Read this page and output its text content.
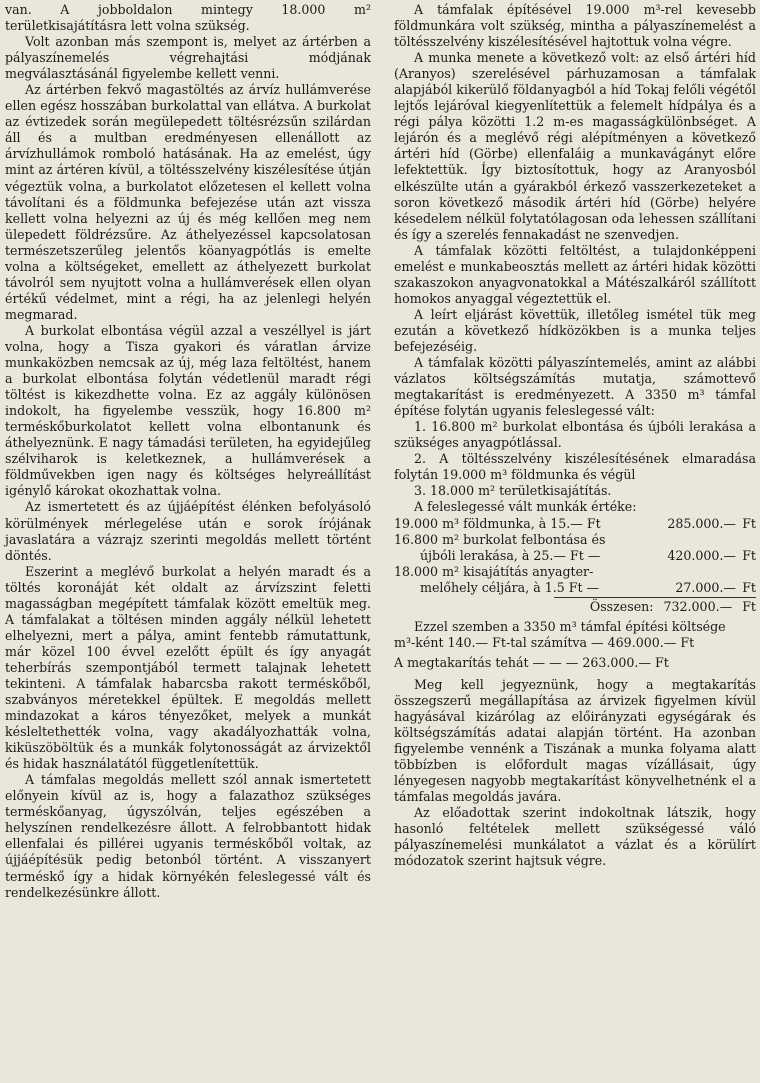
van. A jobboldalon mintegy 18.000 m² területkisajátításra lett volna szükség.

Volt azonban más szempont is, melyet az ártérben a pályaszínemelés végrehajtási módjának megválasztásánál figyelembe kellett venni.

Az ártérben fekvő magastöltés az árvíz hullámverése ellen egész hosszában burkolattal van ellátva. A burkolat az évtizedek során megülepedett töltésrézsűn szilárdan áll és a multban eredményesen ellenállott az árvízhullámok romboló hatásának. Ha az emelést, úgy mint az ártéren kívül, a töltésszelvény kiszélesítése útján végeztük volna, a burkolatot előzetesen el kellett volna távolítani és a földmunka befejezése után azt vissza kellett volna helyezni az új és még kellően meg nem ülepedett földrézsűre. Az áthelyezéssel kapcsolatosan természetszerűleg jelentős köanyagpótlás is emelte volna a költségeket, emellett az áthelyezett burkolat távolról sem nyujtott volna a hullámverések ellen olyan értékű védelmet, mint a régi, ha az jelenlegi helyén megmarad.

A burkolat elbontása végül azzal a veszéllyel is járt volna, hogy a Tisza gyakori és váratlan árvize munkaközben nemcsak az új, még laza feltöltést, hanem a burkolat elbontása folytán védetlenül maradt régi töltést is kikezdhette volna. Ez az aggály különösen indokolt, ha figyelembe vesszük, hogy 16.800 m² terméskőburkolatot kellett volna elbontanunk és áthelyeznünk. E nagy támadási területen, ha egyidejűleg szélviharok is keletkeznek, a hullámverések a földművekben igen nagy és költséges helyreállítást igénylő károkat okozhattak volna.

Az ismertetett és az újjáépítést élénken befolyásoló körülmények mérlegelése után e sorok írójának javaslatára a vázrajz szerinti megoldás mellett történt döntés.

Eszerint a meglévő burkolat a helyén maradt és a töltés koronáját két oldalt az árvízszint feletti magasságban megépített támfalak között emeltük meg. A támfalakat a töltésen minden aggály nélkül lehetett elhelyezni, mert a pálya, amint fentebb rámutattunk, már közel 100 évvel ezelőtt épült és így anyagát teherbírás szempontjából termett talajnak lehetett tekinteni. A támfalak habarcsba rakott terméskőből, szabványos méretekkel épültek. E megoldás mellett mindazokat a káros tényezőket, melyek a munkát késleltethették volna, vagy akadályozhatták volna, kiküszöböltük és a munkák folytonosságát az árvizektől és hidak használatától függetlenítettük.

A támfalas megoldás mellett szól annak ismertetett előnyein kívül az is, hogy a falazathoz szükséges terméskőanyag, úgyszólván, teljes egészében a helyszínen rendelkezésre állott. A felrobbantott hidak ellenfalai és pillérei ugyanis terméskőből voltak, az újjáépítésük pedig betonból történt. A visszanyert terméskő így a hidak környékén feleslegessé vált és rendelkezésünkre állott.

A támfalak építésével 19.000 m³-rel kevesebb földmunkára volt szükség, mintha a pályaszínemelést a töltésszelvény kiszélesítésével hajtottuk volna végre.

A munka menete a következő volt: az első ártéri híd (Aranyos) szerelésével párhuzamosan a támfalak alapjából kikerülő földanyagból a híd Tokaj felőli végétől lejtős lejáróval kiegyenlítettük a felemelt hídpálya és a régi pálya közötti 1.2 m-es magasságkülönbséget. A lejárón és a meglévő régi alépítményen a következő ártéri híd (Görbe) ellenfaláig a munkavágányt előre lefektettük. Így biztosítottuk, hogy az Aranyosból elkészülte után a gyárakból érkező vasszerkezeteket a soron következő második ártéri híd (Görbe) helyére késedelem nélkül folytatólagosan oda lehessen szállítani és így a szerelés fennakadást ne szenvedjen.

A támfalak közötti feltöltést, a tulajdonképpeni emelést e munkabeosztás mellett az ártéri hidak közötti szakaszokon anyagvonatokkal a Mátészalkáról szállított homokos anyaggal végeztettük el.

A leírt eljárást követtük, illetőleg ismétel tük meg ezután a következő hídközökben is a munka teljes befejezéséig.

A támfalak közötti pályaszíntemelés, amint az alábbi vázlatos költségszámítás mutatja, számottevő megtakarítást is eredményezett. A 3350 m³ támfal építése folytán ugyanis feleslegessé vált:

1. 16.800 m² burkolat elbontása és újbóli lerakása a szükséges anyagpótlással.
2. A töltésszelvény kiszélesítésének elmaradása folytán 19.000 m³ földmunka és végül
3. 18.000 m² területkisajátítás.

A feleslegessé vált munkák értéke:

19.000 m³ földmunka, à 15.— Ft	285.000.—	Ft
16.800 m² burkolat felbontása és		
újbóli lerakása, à 25.— Ft —	420.000.—	Ft
18.000 m² kisajátítás anyagter-		
melőhely céljára, à 1.5 Ft —	27.000.—	Ft
Összesen: 732.000.— Ft

Ezzel szemben a 3350 m³ támfal építési költsége

m³-ként 140.— Ft-tal számítva — 469.000.— Ft

A megtakarítás tehát — — — 263.000.— Ft

Meg kell jegyeznünk, hogy a megtakarítás összegszerű megállapítása az árvizek figyelmen kívül hagyásával kizárólag az előirányzati egységárak és költségszámítás adatai alapján történt. Ha azonban figyelembe vennénk a Tiszának a munka folyama alatt többízben is előfordult magas vízállásait, úgy lényegesen nagyobb megtakarítást könyvelhetnénk el a támfalas megoldás javára.

Az előadottak szerint indokoltnak látszik, hogy hasonló feltételek mellett szükségessé váló pályaszínemelési munkálatot a vázlat és a körülírt módozatok szerint hajtsuk végre.
